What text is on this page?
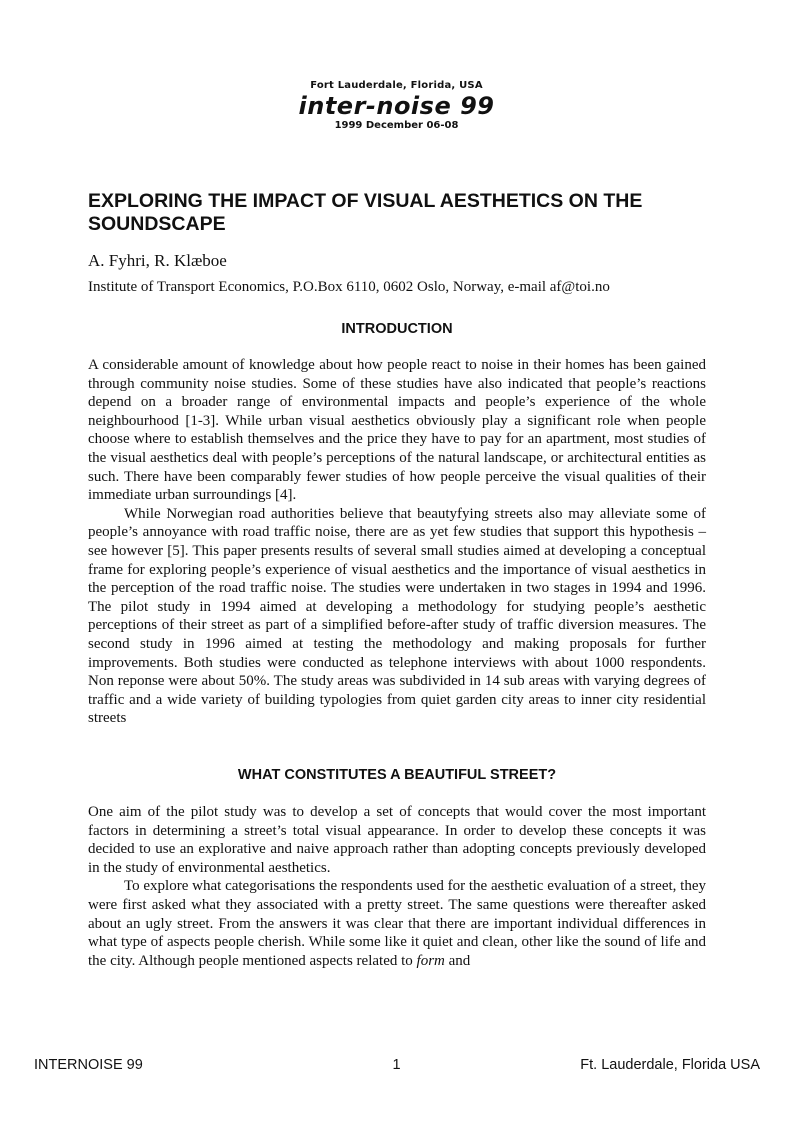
Fort Lauderdale, Florida, USA
inter-noise 99
1999 December 06-08
EXPLORING THE IMPACT OF VISUAL AESTHETICS ON THE SOUNDSCAPE
A. Fyhri, R. Klæboe
Institute of Transport Economics, P.O.Box 6110, 0602 Oslo, Norway, e-mail af@toi.no
INTRODUCTION

A considerable amount of knowledge about how people react to noise in their homes has been gained through community noise studies. Some of these studies have also indicated that people’s reactions depend on a broader range of environmental impacts and people’s experience of the whole neighbourhood [1-3]. While urban visual aesthetics obviously play a significant role when people choose where to establish themselves and the price they have to pay for an apartment, most studies of the visual aesthetics deal with people’s perceptions of the natural landscape, or architectural entities as such. There have been comparably fewer studies of how people perceive the visual qualities of their immediate urban surroundings [4].

While Norwegian road authorities believe that beautyfying streets also may alleviate some of people’s annoyance with road traffic noise, there are as yet few studies that support this hypothesis – see however [5]. This paper presents results of several small studies aimed at developing a conceptual frame for exploring people’s experience of visual aesthetics and the importance of visual aesthetics in the perception of the road traffic noise. The studies were undertaken in two stages in 1994 and 1996. The pilot study in 1994 aimed at developing a methodology for studying people’s aesthetic perceptions of their street as part of a simplified before-after study of traffic diversion measures. The second study in 1996 aimed at testing the methodology and making proposals for further improvements. Both studies were conducted as telephone interviews with about 1000 respondents. Non reponse were about 50%. The study areas was subdivided in 14 sub areas with varying degrees of traffic and a wide variety of building typologies from quiet garden city areas to inner city residential streets

WHAT CONSTITUTES A BEAUTIFUL STREET?

One aim of the pilot study was to develop a set of concepts that would cover the most important factors in determining a street’s total visual appearance. In order to develop these concepts it was decided to use an explorative and naive approach rather than adopting concepts previously developed in the study of environmental aesthetics.

To explore what categorisations the respondents used for the aesthetic evaluation of a street, they were first asked what they associated with a pretty street. The same questions were thereafter asked about an ugly street. From the answers it was clear that there are important individual differences in what type of aspects people cherish. While some like it quiet and clean, other like the sound of life and the city. Although people mentioned aspects related to form and

INTERNOISE 99	1	Ft. Lauderdale, Florida USA
